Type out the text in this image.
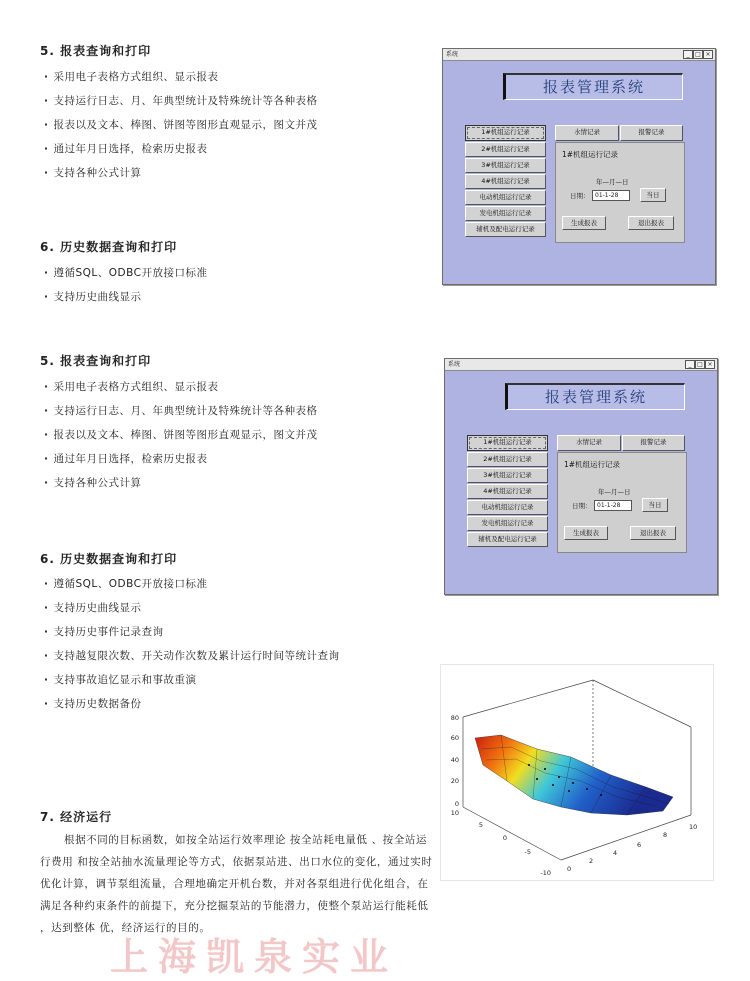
5. 报表查询和打印
· 采用电子表格方式组织、显示报表
· 支持运行日志、月、年典型统计及特殊统计等各种表格
· 报表以及文本、棒图、饼图等图形直观显示，图文并茂
· 通过年月日选择，检索历史报表
· 支持各种公式计算
6. 历史数据查询和打印
· 遵循SQL、ODBC开放接口标准
· 支持历史曲线显示
5. 报表查询和打印
· 采用电子表格方式组织、显示报表
· 支持运行日志、月、年典型统计及特殊统计等各种表格
· 报表以及文本、棒图、饼图等图形直观显示，图文并茂
· 通过年月日选择，检索历史报表
· 支持各种公式计算
6. 历史数据查询和打印
· 遵循SQL、ODBC开放接口标准
· 支持历史曲线显示
· 支持历史事件记录查询
· 支持越复限次数、开关动作次数及累计运行时间等统计查询
· 支持事故追忆显示和事故重演
· 支持历史数据备份
7. 经济运行
根据不同的目标函数，如按全站运行效率理论 按全站耗电量低 、按全站运行费用 和按全站抽水流量理论等方式，依据泵站进、出口水位的变化，通过实时优化计算，调节泵组流量，合理地确定开机台数，并对各泵组进行优化组合，在满足各种约束条件的前提下，充分挖掘泵站的节能潜力，使整个泵站运行能耗低 ，达到整体 优，经济运行的目的。
系统	_ □ ×
报表管理系统
1#机组运行记录
2#机组运行记录
3#机组运行记录
4#机组运行记录
电动机组运行记录
发电机组运行记录
辅机及配电运行记录
水情记录	报警记录
1#机组运行记录
年—月—日
日期： 01-1-28	当日
生成报表	退出报表
系统	_ □ ×
报表管理系统
1#机组运行记录
2#机组运行记录
3#机组运行记录
4#机组运行记录
电动机组运行记录
发电机组运行记录
辅机及配电运行记录
水情记录	报警记录
1#机组运行记录
年—月—日
日期： 01-1-28	当日
生成报表	退出报表
80
60
40
20
0
10
5
0
-5
-10 0
2
4
6
8
10
上海凯泉实业
